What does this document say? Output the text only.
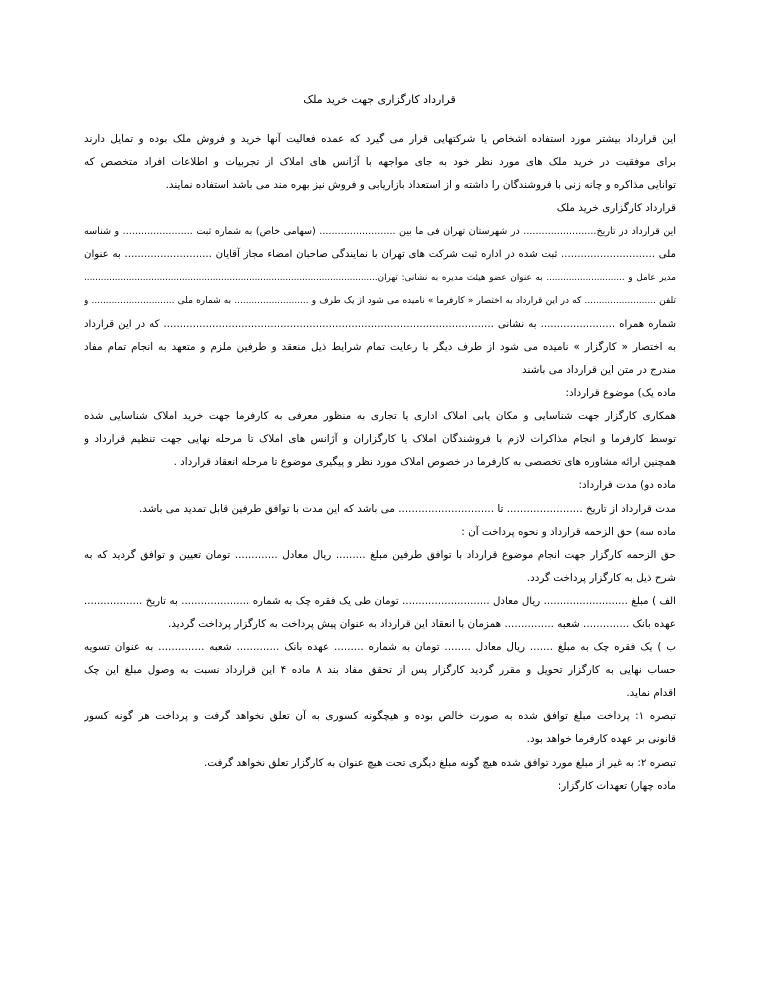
قرارداد کارگزاری جهت خرید ملک
این قرارداد بیشتر مورد استفاده اشخاص یا شرکتهایی قرار می گیرد که عمده فعالیت آنها خرید و فروش ملک بوده و تمایل دارند
برای موفقیت در خرید ملک های مورد نظر خود به جای مواجهه با آژانس های املاک از تجربیات و اطلاعات افراد متخصص که
توانایی مذاکره و چانه زنی با فروشندگان را داشته و از استعداد بازاریابی و فروش نیز بهره مند می باشد استفاده نمایند.
قرارداد کارگزاری خرید ملک
این قرارداد در تاریخ........................ در شهرستان تهران فی ما بین ......................... (سهامی خاص) به شماره ثبت ....................... و شناسه
ملی ............................. ثبت شده در اداره ثبت شرکت های تهران با نمایندگی صاحبان امضاء مجاز آقایان ........................... به عنوان
مدیر عامل و ............................ به عنوان عضو هیئت مدیره به نشانی: تهران.........................................................................................................
تلفن ......................... که در این قرارداد به اختصار « کارفرما » نامیده می شود از یک طرف و .......................... به شماره ملی ............................. و
شماره همراه ....................... به نشانی ...................................................................................................... که در این قرارداد
به اختصار « کارگزار » نامیده می شود از طرف دیگر با رعایت تمام شرایط ذیل منعقد و طرفین ملزم و متعهد به انجام تمام مفاد
مندرج در متن این قرارداد می باشند
ماده یک) موضوع قرارداد:
همکاری کارگزار جهت شناسایی و مکان یابی املاک اداری یا تجاری به منظور معرفی به کارفرما جهت خرید املاک شناسایی شده
توسط کارفرما و انجام مذاکرات لازم با فروشندگان املاک یا کارگزاران و آژانس های املاک تا مرحله نهایی جهت تنظیم قرارداد و
همچنین ارائه مشاوره های تخصصی به کارفرما در خصوص املاک مورد نظر و پیگیری موضوع تا مرحله انعقاد قرارداد .
ماده دو) مدت قرارداد:
مدت قرارداد از تاریخ ....................... تا ............................. می باشد که این مدت با توافق طرفین قابل تمدید می باشد.
ماده سه) حق الزحمه قرارداد و نحوه پرداخت آن :
حق الزحمه کارگزار جهت انجام موضوع قرارداد با توافق طرفین مبلغ ......... ریال معادل ............. تومان تعیین و توافق گردید که به
شرح ذیل به کارگزار پرداخت گردد.
الف ) مبلغ .......................... ریال معادل ........................... تومان طی یک فقره چک به شماره ..................... به تاریخ ..................
عهده بانک .............. شعبه ............... همزمان با انعقاد این قرارداد به عنوان پیش پرداخت به کارگزار پرداخت گردید.
ب ) یک فقره چک به مبلغ ....... ریال معادل ........ تومان به شماره ......... عهده بانک ............. شعبه .............. به عنوان تسویه
حساب نهایی به کارگزار تحویل و مقرر گردید کارگزار پس از تحقق مفاد بند ۸ ماده ۴ این قرارداد نسبت به وصول مبلغ این چک
اقدام نماید.
تبصره ۱: پرداخت مبلغ توافق شده به صورت خالص بوده و هیچگونه کسوری به آن تعلق نخواهد گرفت و پرداخت هر گونه کسور
قانونی بر عهده کارفرما خواهد بود.
تبصره ۲: به غیر از مبلغ مورد توافق شده هیچ گونه مبلغ دیگری تحت هیچ عنوان به کارگزار تعلق نخواهد گرفت.
ماده چهار) تعهدات کارگزار:
